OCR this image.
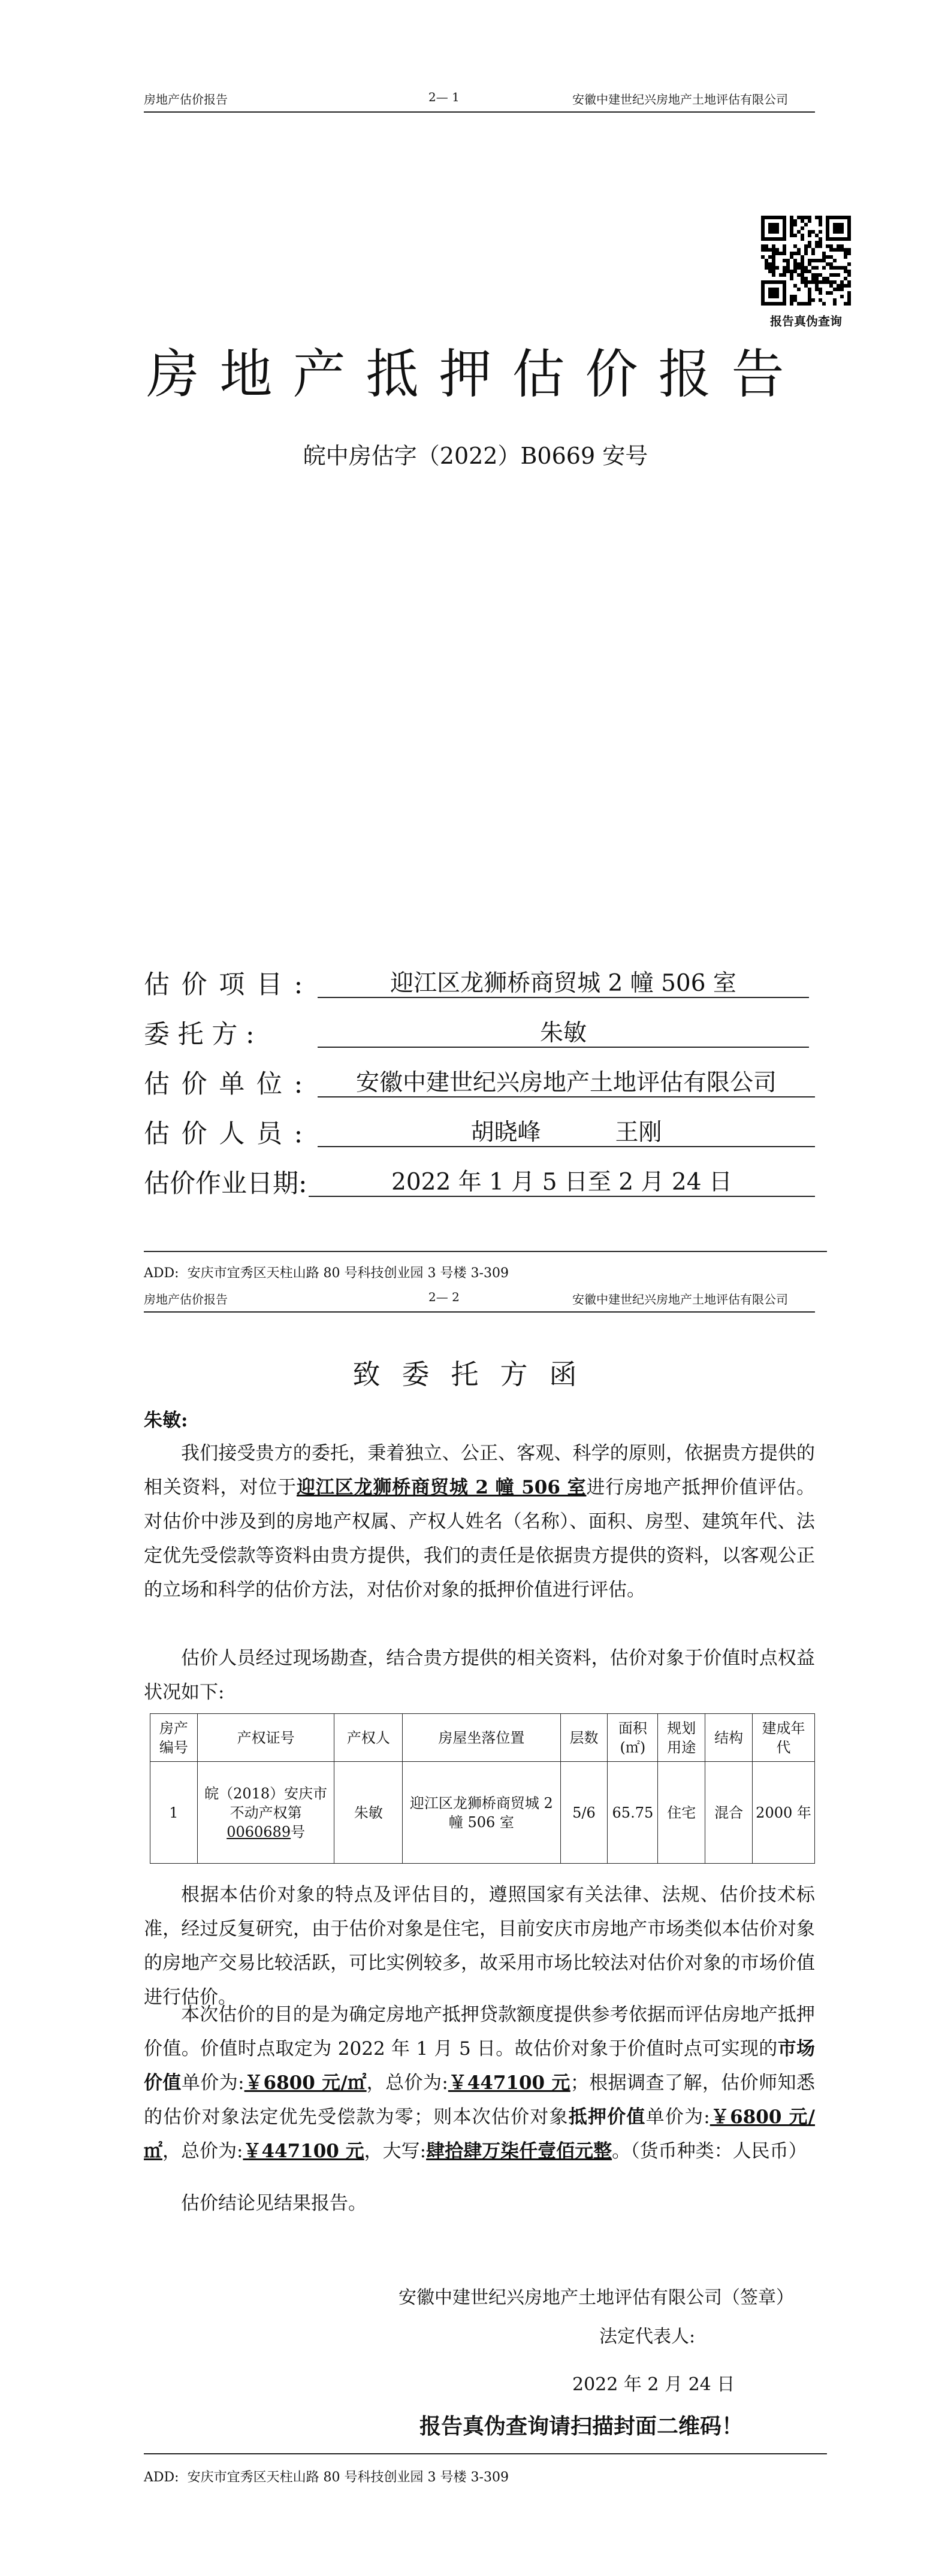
房地产估价报告	2— 1	安徽中建世纪兴房地产土地评估有限公司
报告真伪查询
房地产抵押估价报告
皖中房估字（2022）B0669 安号
估 价 项 目 :	迎江区龙狮桥商贸城 2 幢 506 室
委 托 方 :	朱敏
估 价 单 位 :	安徽中建世纪兴房地产土地评估有限公司
估 价 人 员 :	胡晓峰          王刚
估价作业日期:	2022 年 1 月 5 日至 2 月 24 日
ADD:  安庆市宜秀区天柱山路 80 号科技创业园 3 号楼 3-309
房地产估价报告	2— 2	安徽中建世纪兴房地产土地评估有限公司
致委托方函
朱敏:

我们接受贵方的委托，秉着独立、公正、客观、科学的原则，依据贵方提供的相关资料，对位于迎江区龙狮桥商贸城 2 幢 506 室进行房地产抵押价值评估。对估价中涉及到的房地产权属、产权人姓名（名称）、面积、房型、建筑年代、法定优先受偿款等资料由贵方提供，我们的责任是依据贵方提供的资料，以客观公正的立场和科学的估价方法，对估价对象的抵押价值进行评估。

估价人员经过现场勘查，结合贵方提供的相关资料，估价对象于价值时点权益状况如下:

房产编号	产权证号	产权人	房屋坐落位置	层数	面积(㎡)	规划用途	结构	建成年代
1	皖（2018）安庆市不动产权第0060689号	朱敏	迎江区龙狮桥商贸城 2 幢 506 室	5/6	65.75	住宅	混合	2000 年

根据本估价对象的特点及评估目的，遵照国家有关法律、法规、估价技术标准，经过反复研究，由于估价对象是住宅，目前安庆市房地产市场类似本估价对象的房地产交易比较活跃，可比实例较多，故采用市场比较法对估价对象的市场价值进行估价。

本次估价的目的是为确定房地产抵押贷款额度提供参考依据而评估房地产抵押价值。价值时点取定为 2022 年 1 月 5 日。故估价对象于价值时点可实现的市场价值单价为:￥6800 元/㎡，总价为:￥447100 元；根据调查了解，估价师知悉的估价对象法定优先受偿款为零；则本次估价对象抵押价值单价为:￥6800 元/㎡，总价为:￥447100 元，大写:肆拾肆万柒仟壹佰元整。（货币种类：人民币）

估价结论见结果报告。

安徽中建世纪兴房地产土地评估有限公司（签章）
法定代表人:
2022 年 2 月 24 日
报告真伪查询请扫描封面二维码！
ADD:  安庆市宜秀区天柱山路 80 号科技创业园 3 号楼 3-309
